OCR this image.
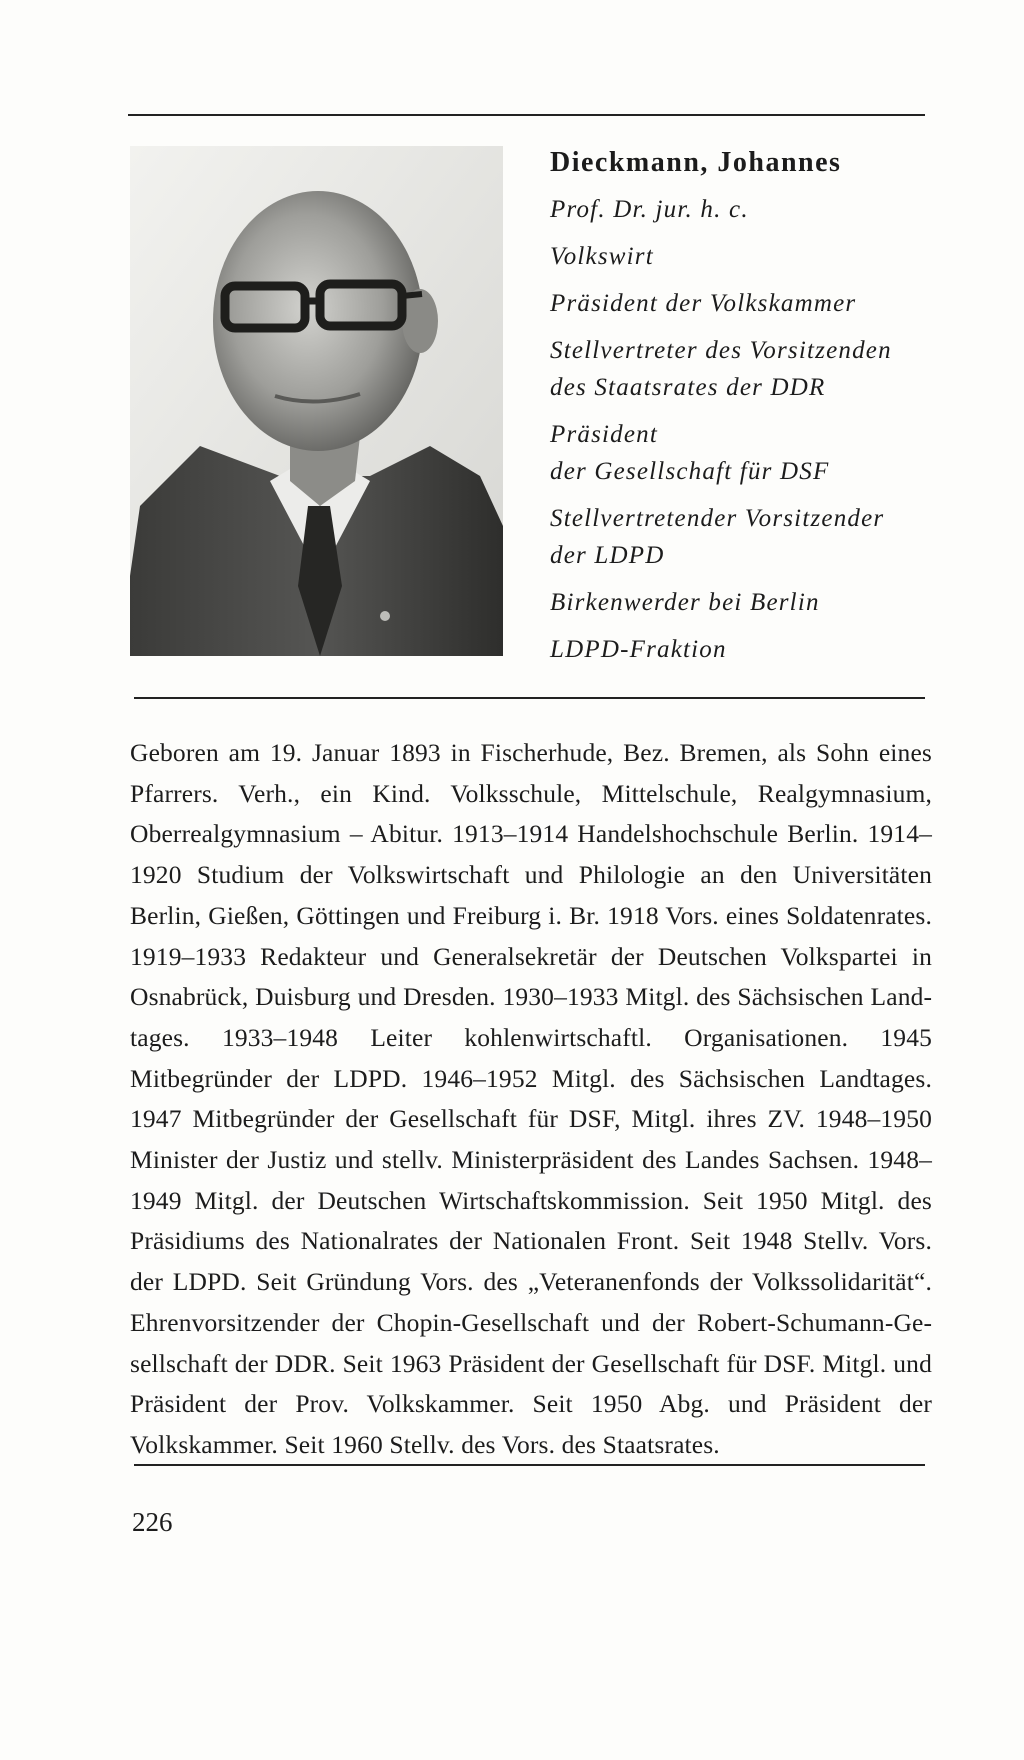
Dieckmann, Johannes

Prof. Dr. jur. h. c.

Volkswirt

Präsident der Volkskammer

Stellvertreter des Vorsitzenden

des Staatsrates der DDR

Präsident

der Gesellschaft für DSF

Stellvertretender Vorsitzender

der LDPD

Birkenwerder bei Berlin

LDPD-Fraktion

Geboren am 19. Januar 1893 in Fischerhude, Bez. Bremen, als Sohn eines Pfarrers. Verh., ein Kind. Volksschule, Mittelschule, Realgymnasium, Oberrealgymnasium – Abitur. 1913–1914 Handelshochschule Berlin. 1914–1920 Studium der Volkswirtschaft und Philologie an den Universitäten Berlin, Gießen, Göttingen und Freiburg i. Br. 1918 Vors. eines Soldatenrates. 1919–1933 Redakteur und Generalsekretär der Deutschen Volkspartei in Osnabrück, Duisburg und Dresden. 1930–1933 Mitgl. des Sächsischen Landtages. 1933–1948 Leiter kohlenwirtschaftl. Organisationen. 1945 Mitbegründer der LDPD. 1946–1952 Mitgl. des Sächsischen Landtages. 1947 Mitbegründer der Gesellschaft für DSF, Mitgl. ihres ZV. 1948–1950 Minister der Justiz und stellv. Ministerpräsident des Landes Sachsen. 1948–1949 Mitgl. der Deutschen Wirtschaftskommission. Seit 1950 Mitgl. des Präsidiums des Nationalrates der Nationalen Front. Seit 1948 Stellv. Vors. der LDPD. Seit Gründung Vors. des „Veteranenfonds der Volkssolidarität“. Ehrenvorsitzender der Chopin-Gesellschaft und der Robert-Schumann-Gesellschaft der DDR. Seit 1963 Präsident der Gesellschaft für DSF. Mitgl. und Präsident der Prov. Volkskammer. Seit 1950 Abg. und Präsident der Volkskammer. Seit 1960 Stellv. des Vors. des Staatsrates.

226
